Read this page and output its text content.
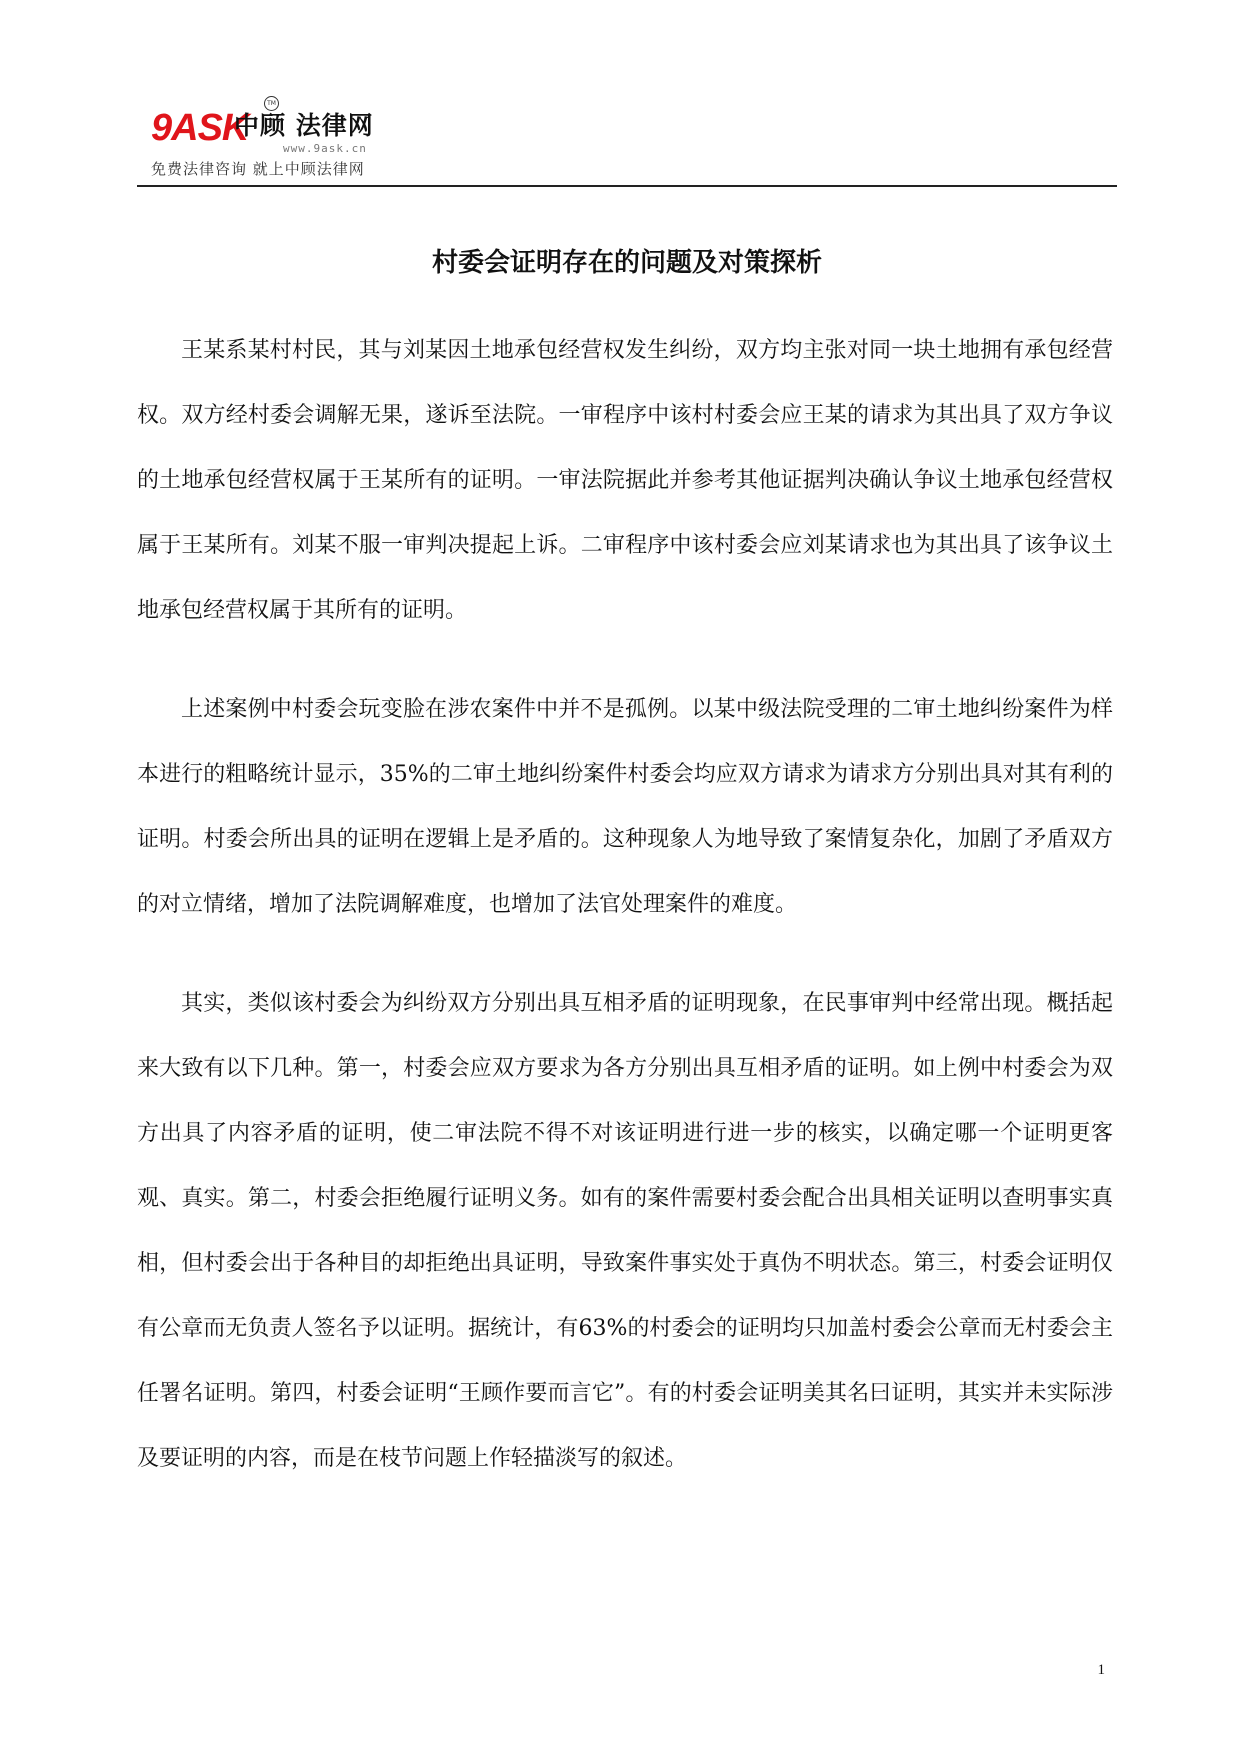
9ASK
中顾 法律网
TM
www.9ask.cn
免费法律咨询 就上中顾法律网
村委会证明存在的问题及对策探析

王某系某村村民，其与刘某因土地承包经营权发生纠纷，双方均主张对同一块土地拥有承包经营权。双方经村委会调解无果，遂诉至法院。一审程序中该村村委会应王某的请求为其出具了双方争议的土地承包经营权属于王某所有的证明。一审法院据此并参考其他证据判决确认争议土地承包经营权属于王某所有。刘某不服一审判决提起上诉。二审程序中该村委会应刘某请求也为其出具了该争议土地承包经营权属于其所有的证明。

上述案例中村委会玩变脸在涉农案件中并不是孤例。以某中级法院受理的二审土地纠纷案件为样本进行的粗略统计显示，35%的二审土地纠纷案件村委会均应双方请求为请求方分别出具对其有利的证明。村委会所出具的证明在逻辑上是矛盾的。这种现象人为地导致了案情复杂化，加剧了矛盾双方的对立情绪，增加了法院调解难度，也增加了法官处理案件的难度。

其实，类似该村委会为纠纷双方分别出具互相矛盾的证明现象，在民事审判中经常出现。概括起来大致有以下几种。第一，村委会应双方要求为各方分别出具互相矛盾的证明。如上例中村委会为双方出具了内容矛盾的证明，使二审法院不得不对该证明进行进一步的核实，以确定哪一个证明更客观、真实。第二，村委会拒绝履行证明义务。如有的案件需要村委会配合出具相关证明以查明事实真相，但村委会出于各种目的却拒绝出具证明，导致案件事实处于真伪不明状态。第三，村委会证明仅有公章而无负责人签名予以证明。据统计，有63%的村委会的证明均只加盖村委会公章而无村委会主任署名证明。第四，村委会证明“王顾作要而言它”。有的村委会证明美其名曰证明，其实并未实际涉及要证明的内容，而是在枝节问题上作轻描淡写的叙述。

1
